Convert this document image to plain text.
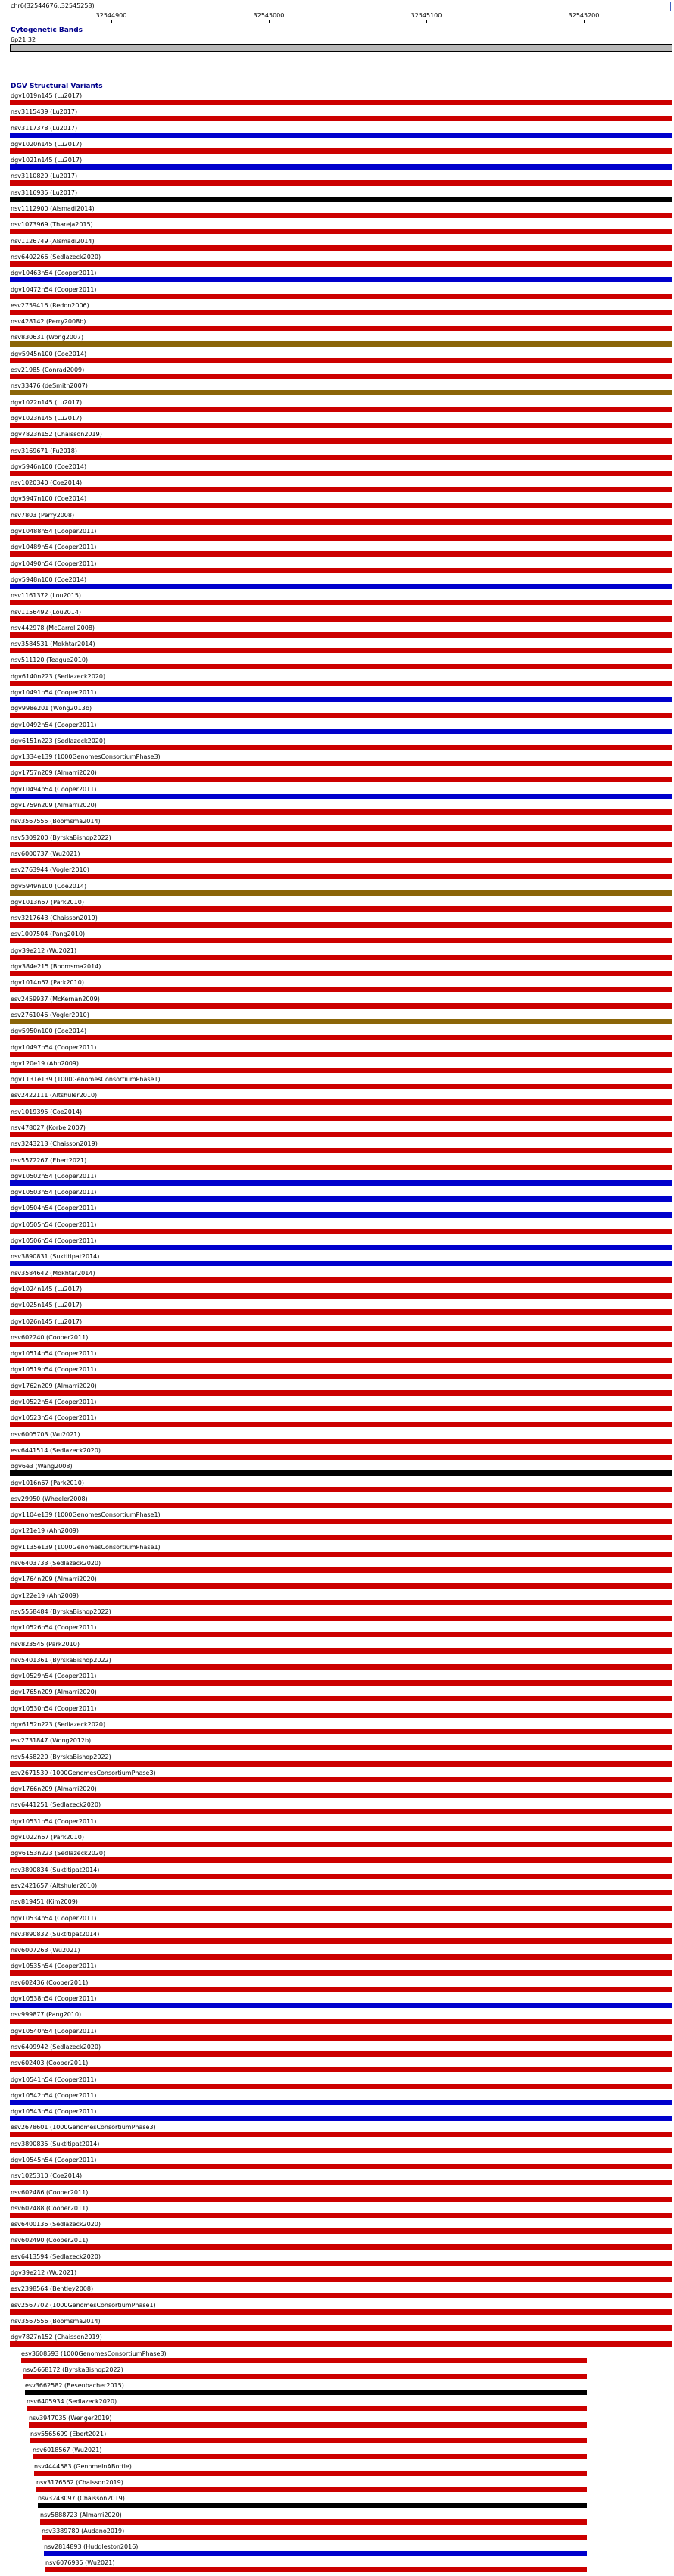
chr6(32544676..32545258)
32544900	32545000	32545100	32545200
Cytogenetic Bands
6p21.32
DGV Structural Variants
dgv1019n145 (Lu2017)
nsv3115439 (Lu2017)
nsv3117378 (Lu2017)
dgv1020n145 (Lu2017)
dgv1021n145 (Lu2017)
nsv3110829 (Lu2017)
nsv3116935 (Lu2017)
nsv1112900 (Alsmadi2014)
nsv1073969 (Thareja2015)
nsv1126749 (Alsmadi2014)
nsv6402266 (Sedlazeck2020)
dgv10463n54 (Cooper2011)
dgv10472n54 (Cooper2011)
esv2759416 (Redon2006)
nsv428142 (Perry2008b)
nsv830631 (Wong2007)
dgv5945n100 (Coe2014)
esv21985 (Conrad2009)
nsv33476 (deSmith2007)
dgv1022n145 (Lu2017)
dgv1023n145 (Lu2017)
dgv7823n152 (Chaisson2019)
nsv3169671 (Fu2018)
dgv5946n100 (Coe2014)
nsv1020340 (Coe2014)
dgv5947n100 (Coe2014)
nsv7803 (Perry2008)
dgv10488n54 (Cooper2011)
dgv10489n54 (Cooper2011)
dgv10490n54 (Cooper2011)
dgv5948n100 (Coe2014)
nsv1161372 (Lou2015)
nsv1156492 (Lou2014)
nsv442978 (McCarroll2008)
nsv3584531 (Mokhtar2014)
nsv511120 (Teague2010)
dgv6140n223 (Sedlazeck2020)
dgv10491n54 (Cooper2011)
dgv998e201 (Wong2013b)
dgv10492n54 (Cooper2011)
dgv6151n223 (Sedlazeck2020)
dgv1334e139 (1000GenomesConsortiumPhase3)
dgv1757n209 (Almarri2020)
dgv10494n54 (Cooper2011)
dgv1759n209 (Almarri2020)
nsv3567555 (Boomsma2014)
nsv5309200 (ByrskaBishop2022)
nsv6000737 (Wu2021)
esv2763944 (Vogler2010)
dgv5949n100 (Coe2014)
dgv1013n67 (Park2010)
nsv3217643 (Chaisson2019)
esv1007504 (Pang2010)
dgv39e212 (Wu2021)
dgv384e215 (Boomsma2014)
dgv1014n67 (Park2010)
esv2459937 (McKernan2009)
esv2761046 (Vogler2010)
dgv5950n100 (Coe2014)
dgv10497n54 (Cooper2011)
dgv120e19 (Ahn2009)
dgv1131e139 (1000GenomesConsortiumPhase1)
esv2422111 (Altshuler2010)
nsv1019395 (Coe2014)
nsv478027 (Korbel2007)
nsv3243213 (Chaisson2019)
nsv5572267 (Ebert2021)
dgv10502n54 (Cooper2011)
dgv10503n54 (Cooper2011)
dgv10504n54 (Cooper2011)
dgv10505n54 (Cooper2011)
dgv10506n54 (Cooper2011)
nsv3890831 (Suktitipat2014)
nsv3584642 (Mokhtar2014)
dgv1024n145 (Lu2017)
dgv1025n145 (Lu2017)
dgv1026n145 (Lu2017)
nsv602240 (Cooper2011)
dgv10514n54 (Cooper2011)
dgv10519n54 (Cooper2011)
dgv1762n209 (Almarri2020)
dgv10522n54 (Cooper2011)
dgv10523n54 (Cooper2011)
nsv6005703 (Wu2021)
esv6441514 (Sedlazeck2020)
dgv6e3 (Wang2008)
dgv1016n67 (Park2010)
esv29950 (Wheeler2008)
dgv1104e139 (1000GenomesConsortiumPhase1)
dgv121e19 (Ahn2009)
dgv1135e139 (1000GenomesConsortiumPhase1)
nsv6403733 (Sedlazeck2020)
dgv1764n209 (Almarri2020)
dgv122e19 (Ahn2009)
nsv5558484 (ByrskaBishop2022)
dgv10526n54 (Cooper2011)
nsv823545 (Park2010)
nsv5401361 (ByrskaBishop2022)
dgv10529n54 (Cooper2011)
dgv1765n209 (Almarri2020)
dgv10530n54 (Cooper2011)
dgv6152n223 (Sedlazeck2020)
esv2731847 (Wong2012b)
nsv5458220 (ByrskaBishop2022)
esv2671539 (1000GenomesConsortiumPhase3)
dgv1766n209 (Almarri2020)
nsv6441251 (Sedlazeck2020)
dgv10531n54 (Cooper2011)
dgv1022n67 (Park2010)
dgv6153n223 (Sedlazeck2020)
nsv3890834 (Suktitipat2014)
esv2421657 (Altshuler2010)
nsv819451 (Kim2009)
dgv10534n54 (Cooper2011)
nsv3890832 (Suktitipat2014)
nsv6007263 (Wu2021)
dgv10535n54 (Cooper2011)
nsv602436 (Cooper2011)
dgv10538n54 (Cooper2011)
nsv999877 (Pang2010)
dgv10540n54 (Cooper2011)
nsv6409942 (Sedlazeck2020)
nsv602403 (Cooper2011)
dgv10541n54 (Cooper2011)
dgv10542n54 (Cooper2011)
dgv10543n54 (Cooper2011)
esv2678601 (1000GenomesConsortiumPhase3)
nsv3890835 (Suktitipat2014)
dgv10545n54 (Cooper2011)
nsv1025310 (Coe2014)
nsv602486 (Cooper2011)
nsv602488 (Cooper2011)
esv6400136 (Sedlazeck2020)
nsv602490 (Cooper2011)
esv6413594 (Sedlazeck2020)
dgv39e212 (Wu2021)
esv2398564 (Bentley2008)
esv2567702 (1000GenomesConsortiumPhase1)
nsv3567556 (Boomsma2014)
dgv7827n152 (Chaisson2019)
esv3608593 (1000GenomesConsortiumPhase3)
nsv5668172 (ByrskaBishop2022)
esv3662582 (Besenbacher2015)
nsv6405934 (Sedlazeck2020)
nsv3947035 (Wenger2019)
nsv5565699 (Ebert2021)
nsv6018567 (Wu2021)
nsv4444583 (GenomeInABottle)
nsv3176562 (Chaisson2019)
nsv3243097 (Chaisson2019)
nsv5888723 (Almarri2020)
nsv3389780 (Audano2019)
nsv2814893 (Huddleston2016)
nsv6076935 (Wu2021)
